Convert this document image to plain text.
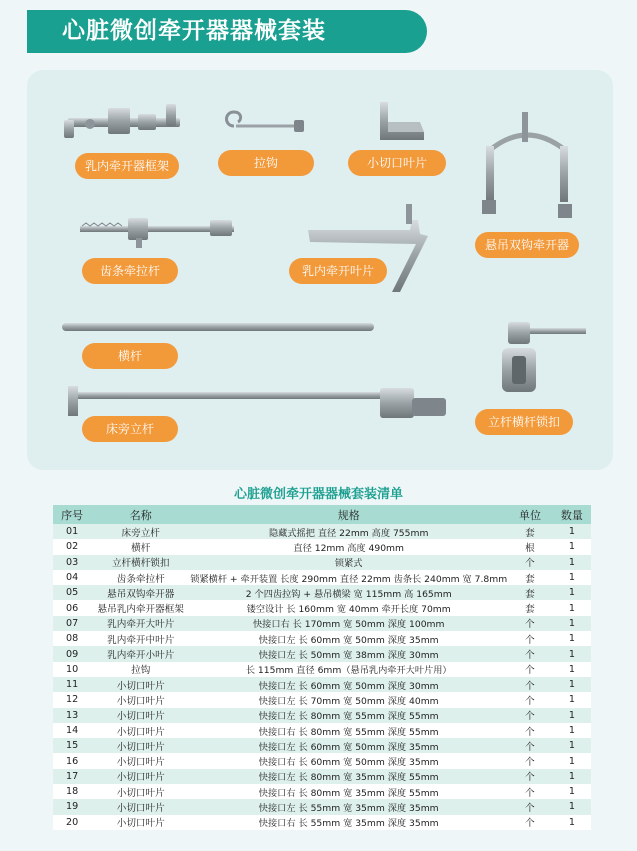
心脏微创牵开器器械套装
乳内牵开器框架	拉钩	小切口叶片
悬吊双钩牵开器
齿条牵拉杆	乳内牵开叶片
横杆
立杆横杆锁扣
床旁立杆
心脏微创牵开器器械套装清单
序号	名称	规格	单位	数量
01	床旁立杆	隐藏式摇把 直径 22mm 高度 755mm	套	1
02	横杆	直径 12mm 高度 490mm	根	1
03	立杆横杆锁扣	锁紧式	个	1
04	齿条牵拉杆	锁紧横杆 + 牵开装置 长度 290mm 直径 22mm 齿条长 240mm 宽 7.8mm	套	1
05	悬吊双钩牵开器	2 个四齿拉钩 + 悬吊横梁 宽 115mm 高 165mm	套	1
06	悬吊乳内牵开器框架	镂空设计 长 160mm 宽 40mm 牵开长度 70mm	套	1
07	乳内牵开大叶片	快接口右 长 170mm 宽 50mm 深度 100mm	个	1
08	乳内牵开中叶片	快接口左 长 60mm 宽 50mm 深度 35mm	个	1
09	乳内牵开小叶片	快接口左 长 50mm 宽 38mm 深度 30mm	个	1
10	拉钩	长 115mm 直径 6mm（悬吊乳内牵开大叶片用）	个	1
11	小切口叶片	快接口左 长 60mm 宽 50mm 深度 30mm	个	1
12	小切口叶片	快接口左 长 70mm 宽 50mm 深度 40mm	个	1
13	小切口叶片	快接口左 长 80mm 宽 55mm 深度 55mm	个	1
14	小切口叶片	快接口右 长 80mm 宽 55mm 深度 55mm	个	1
15	小切口叶片	快接口左 长 60mm 宽 50mm 深度 35mm	个	1
16	小切口叶片	快接口右 长 60mm 宽 50mm 深度 35mm	个	1
17	小切口叶片	快接口左 长 80mm 宽 35mm 深度 55mm	个	1
18	小切口叶片	快接口右 长 80mm 宽 35mm 深度 55mm	个	1
19	小切口叶片	快接口左 长 55mm 宽 35mm 深度 35mm	个	1
20	小切口叶片	快接口右 长 55mm 宽 35mm 深度 35mm	个	1
